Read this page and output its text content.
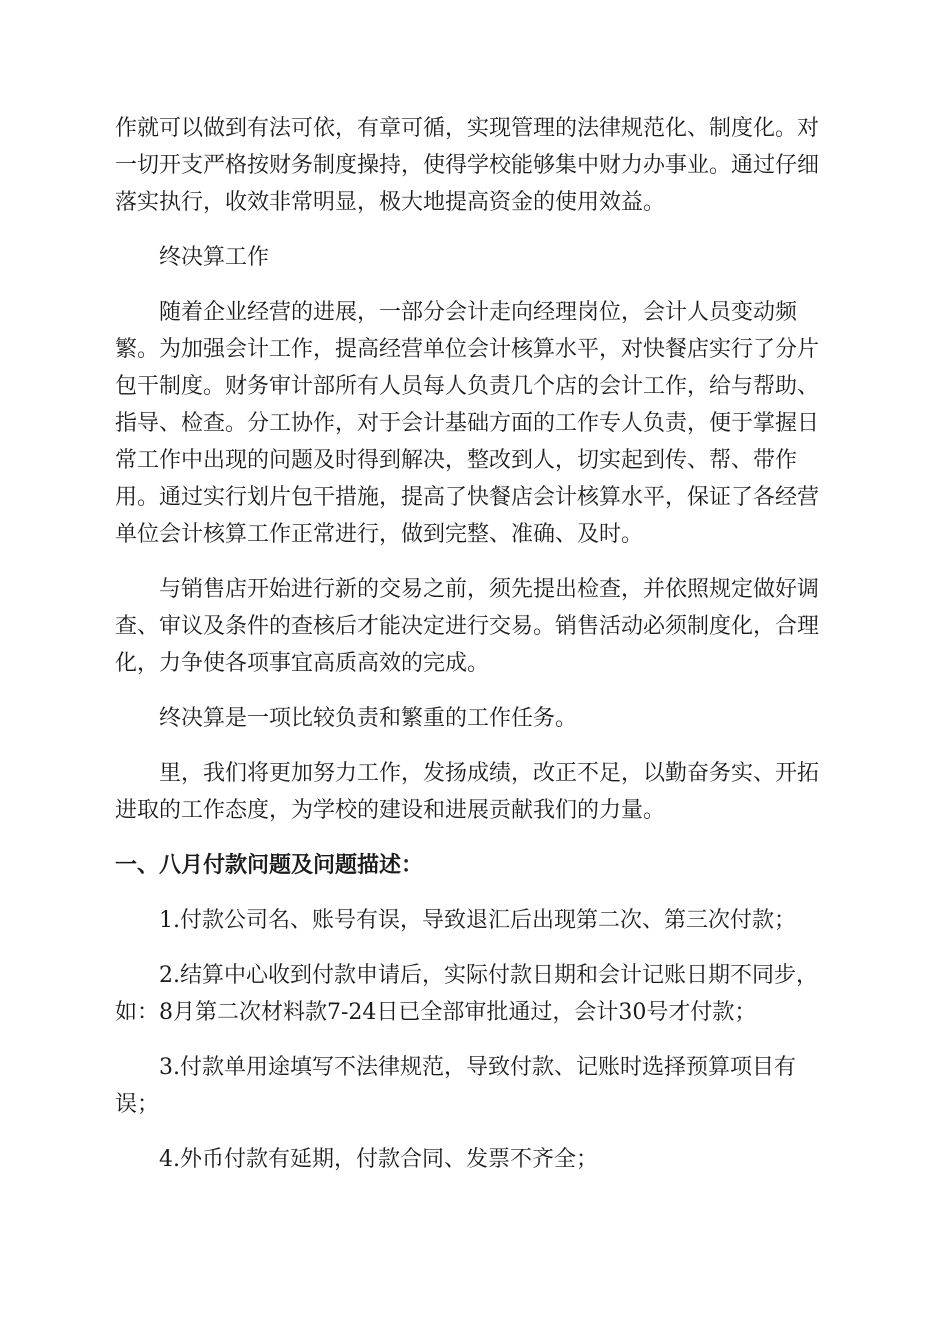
作就可以做到有法可依，有章可循，实现管理的法律规范化、制度化。对
一切开支严格按财务制度操持，使得学校能够集中财力办事业。通过仔细
落实执行，收效非常明显，极大地提高资金的使用效益。
终决算工作
随着企业经营的进展，一部分会计走向经理岗位，会计人员变动频
繁。为加强会计工作，提高经营单位会计核算水平，对快餐店实行了分片
包干制度。财务审计部所有人员每人负责几个店的会计工作，给与帮助、
指导、检查。分工协作，对于会计基础方面的工作专人负责，便于掌握日
常工作中出现的问题及时得到解决，整改到人，切实起到传、帮、带作
用。通过实行划片包干措施，提高了快餐店会计核算水平，保证了各经营
单位会计核算工作正常进行，做到完整、准确、及时。
与销售店开始进行新的交易之前，须先提出检查，并依照规定做好调
查、审议及条件的查核后才能决定进行交易。销售活动必须制度化，合理
化，力争使各项事宜高质高效的完成。
终决算是一项比较负责和繁重的工作任务。
里，我们将更加努力工作，发扬成绩，改正不足，以勤奋务实、开拓
进取的工作态度，为学校的建设和进展贡献我们的力量。
一、八月付款问题及问题描述：
1.付款公司名、账号有误，导致退汇后出现第二次、第三次付款；
2.结算中心收到付款申请后，实际付款日期和会计记账日期不同步，
如：8月第二次材料款7-24日已全部审批通过，会计30号才付款；
3.付款单用途填写不法律规范，导致付款、记账时选择预算项目有
误；
4.外币付款有延期，付款合同、发票不齐全；
